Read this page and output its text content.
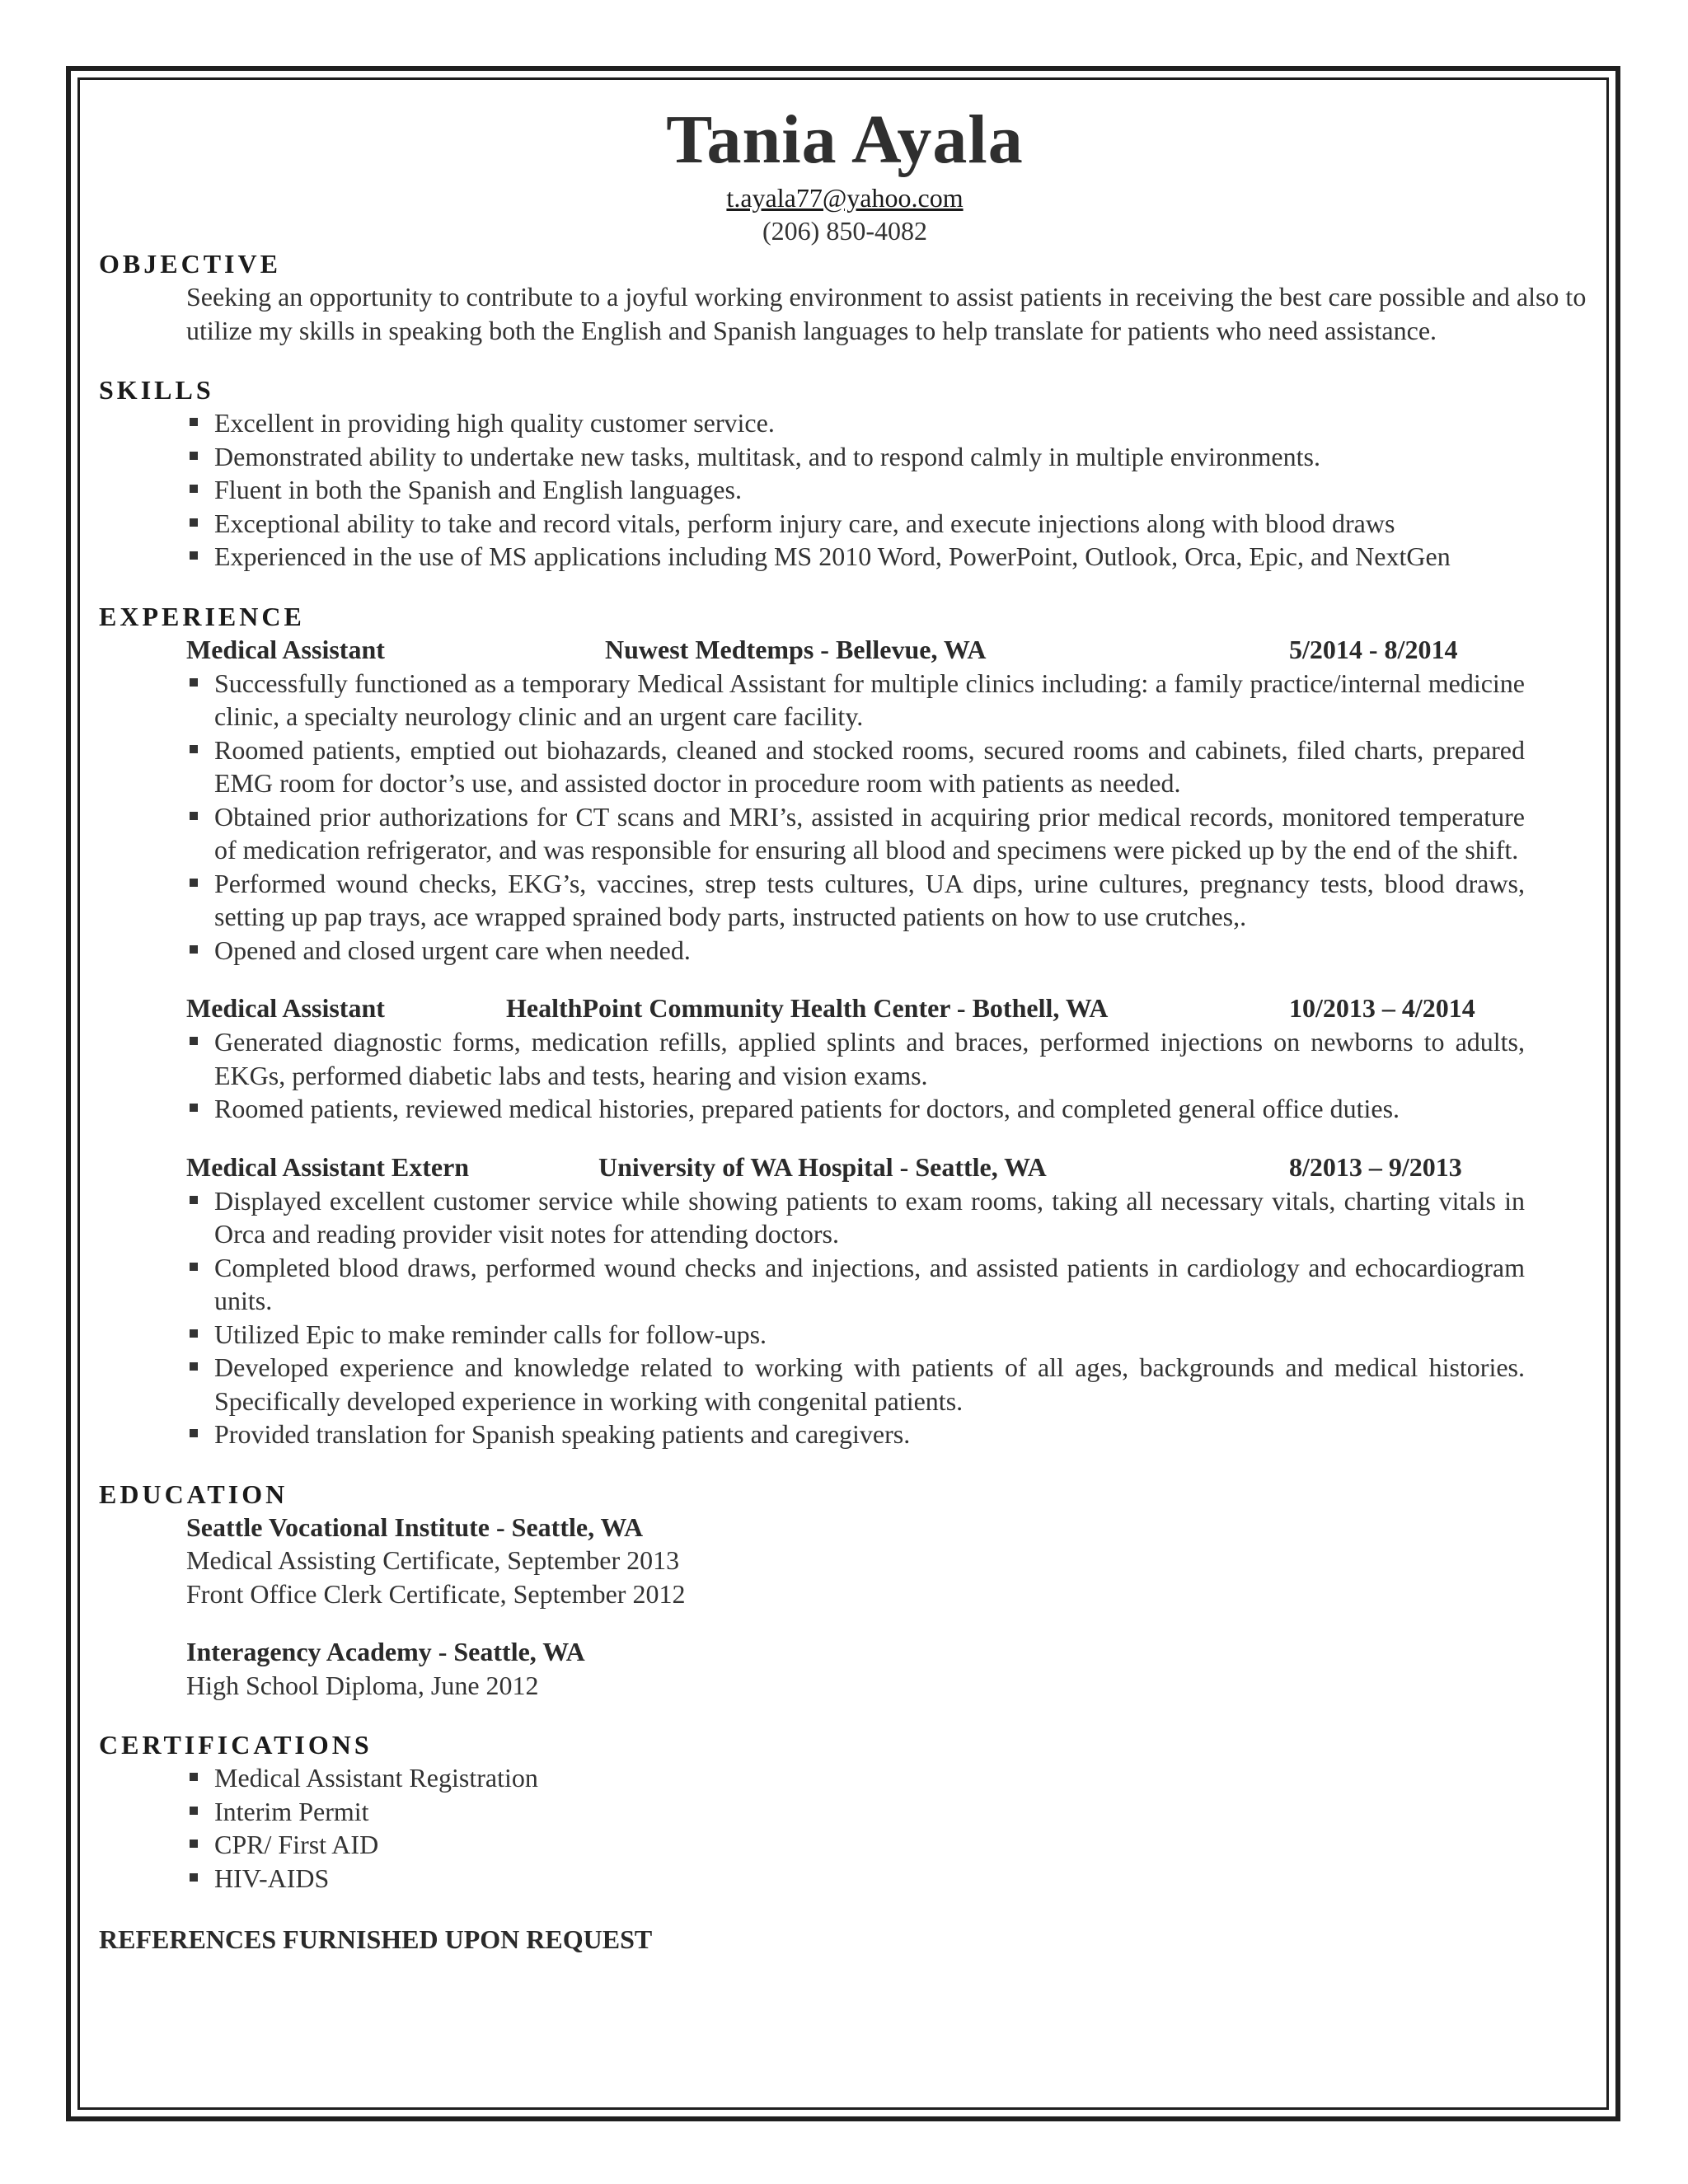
Tania Ayala
t.ayala77@yahoo.com
(206) 850-4082
OBJECTIVE
Seeking an opportunity to contribute to a joyful working environment to assist patients in receiving the best care possible and also to utilize my skills in speaking both the English and Spanish languages to help translate for patients who need assistance.
SKILLS
Excellent in providing high quality customer service.
Demonstrated ability to undertake new tasks, multitask, and to respond calmly in multiple environments.
Fluent in both the Spanish and English languages.
Exceptional ability to take and record vitals, perform injury care, and execute injections along with blood draws
Experienced in the use of MS applications including MS 2010 Word, PowerPoint, Outlook, Orca, Epic, and NextGen
EXPERIENCE
Medical Assistant	Nuwest Medtemps - Bellevue, WA	5/2014 - 8/2014
Successfully functioned as a temporary Medical Assistant for multiple clinics including: a family practice/internal medicine clinic, a specialty neurology clinic and an urgent care facility.
Roomed patients, emptied out biohazards, cleaned and stocked rooms, secured rooms and cabinets, filed charts, prepared EMG room for doctor’s use, and assisted doctor in procedure room with patients as needed.
Obtained prior authorizations for CT scans and MRI’s, assisted in acquiring prior medical records, monitored temperature of medication refrigerator, and was responsible for ensuring all blood and specimens were picked up by the end of the shift.
Performed wound checks, EKG’s, vaccines, strep tests cultures, UA dips, urine cultures, pregnancy tests, blood draws, setting up pap trays, ace wrapped sprained body parts, instructed patients on how to use crutches,.
Opened and closed urgent care when needed.
Medical Assistant	HealthPoint Community Health Center - Bothell, WA	10/2013 – 4/2014
Generated diagnostic forms, medication refills, applied splints and braces, performed injections on newborns to adults, EKGs, performed diabetic labs and tests, hearing and vision exams.
Roomed patients, reviewed medical histories, prepared patients for doctors, and completed general office duties.
Medical Assistant Extern	University of WA Hospital - Seattle, WA	8/2013 – 9/2013
Displayed excellent customer service while showing patients to exam rooms, taking all necessary vitals, charting vitals in Orca and reading provider visit notes for attending doctors.
Completed blood draws, performed wound checks and injections, and assisted patients in cardiology and echocardiogram units.
Utilized Epic to make reminder calls for follow-ups.
Developed experience and knowledge related to working with patients of all ages, backgrounds and medical histories. Specifically developed experience in working with congenital patients.
Provided translation for Spanish speaking patients and caregivers.
EDUCATION
Seattle Vocational Institute - Seattle, WA
Medical Assisting Certificate, September 2013
Front Office Clerk Certificate, September 2012
Interagency Academy - Seattle, WA
High School Diploma, June 2012
CERTIFICATIONS
Medical Assistant Registration
Interim Permit
CPR/ First AID
HIV-AIDS
REFERENCES FURNISHED UPON REQUEST
